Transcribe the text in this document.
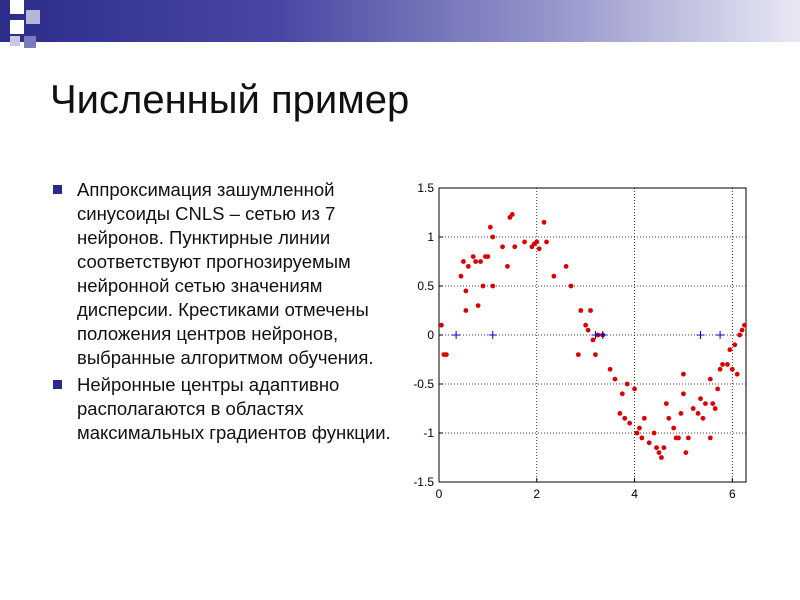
Численный пример
Аппроксимация зашумленной синусоиды CNLS – сетью из 7 нейронов. Пунктирные линии соответствуют прогнозируемым нейронной сетью значениям дисперсии. Крестиками отмечены положения центров нейронов, выбранные алгоритмом обучения.
Нейронные центры адаптивно располагаются в областях максимальных градиентов функции.
0	2	4	6
1.5
1
0.5
0
-0.5
-1
-1.5
